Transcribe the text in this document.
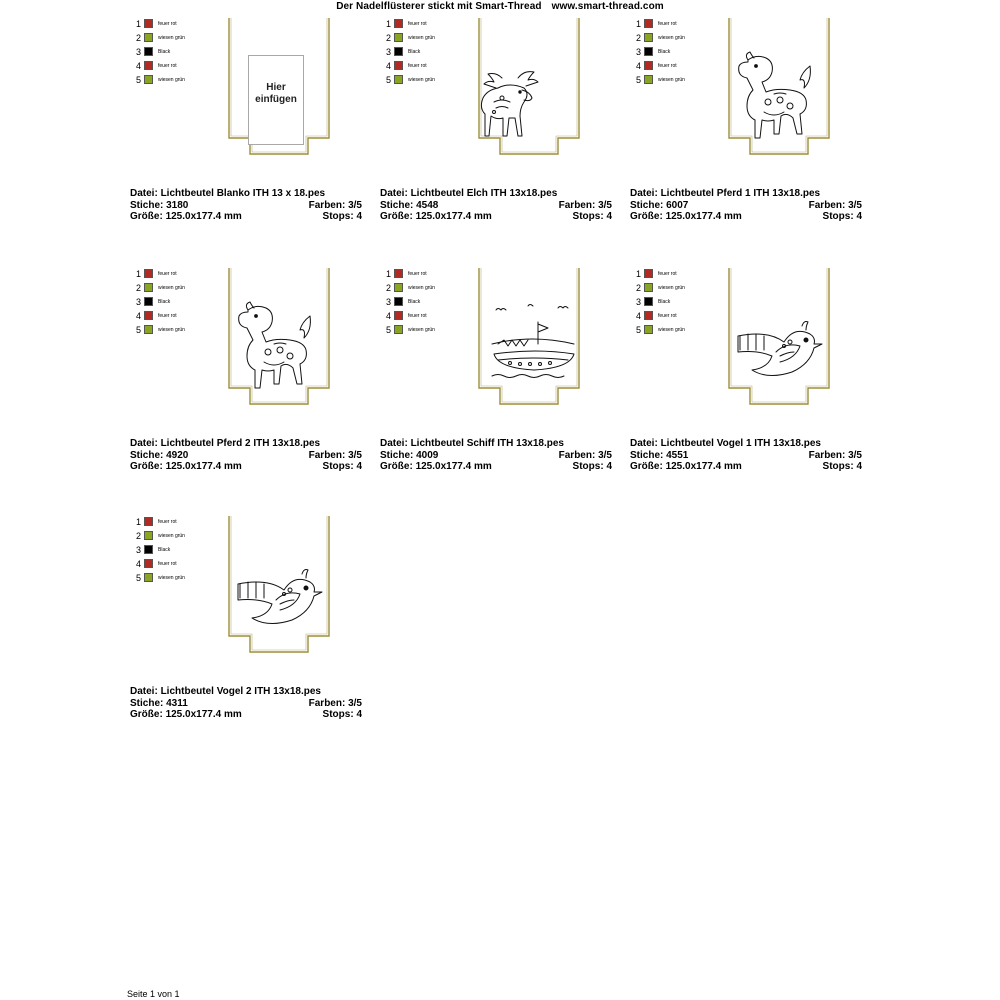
Der Nadelflüsterer stickt mit Smart-Thread www.smart-thread.com
1	feuer rot
2	wiesen grün
3	Black
4	feuer rot
5	wiesen grün
Hier
einfügen
Datei: Lichtbeutel Blanko ITH 13 x 18.pes
Stiche: 3180	Farben: 3/5
Größe: 125.0x177.4 mm	Stops: 4
1	feuer rot
2	wiesen grün
3	Black
4	feuer rot
5	wiesen grün
Datei: Lichtbeutel Elch ITH 13x18.pes
Stiche: 4548	Farben: 3/5
Größe: 125.0x177.4 mm	Stops: 4
1	feuer rot
2	wiesen grün
3	Black
4	feuer rot
5	wiesen grün
Datei: Lichtbeutel Pferd 1 ITH 13x18.pes
Stiche: 6007	Farben: 3/5
Größe: 125.0x177.4 mm	Stops: 4
1	feuer rot
2	wiesen grün
3	Black
4	feuer rot
5	wiesen grün
Datei: Lichtbeutel Pferd 2 ITH 13x18.pes
Stiche: 4920	Farben: 3/5
Größe: 125.0x177.4 mm	Stops: 4
1	feuer rot
2	wiesen grün
3	Black
4	feuer rot
5	wiesen grün
Datei: Lichtbeutel Schiff ITH 13x18.pes
Stiche: 4009	Farben: 3/5
Größe: 125.0x177.4 mm	Stops: 4
1	feuer rot
2	wiesen grün
3	Black
4	feuer rot
5	wiesen grün
Datei: Lichtbeutel Vogel 1 ITH 13x18.pes
Stiche: 4551	Farben: 3/5
Größe: 125.0x177.4 mm	Stops: 4
1	feuer rot
2	wiesen grün
3	Black
4	feuer rot
5	wiesen grün
Datei: Lichtbeutel Vogel 2 ITH 13x18.pes
Stiche: 4311	Farben: 3/5
Größe: 125.0x177.4 mm	Stops: 4
Seite 1 von 1
